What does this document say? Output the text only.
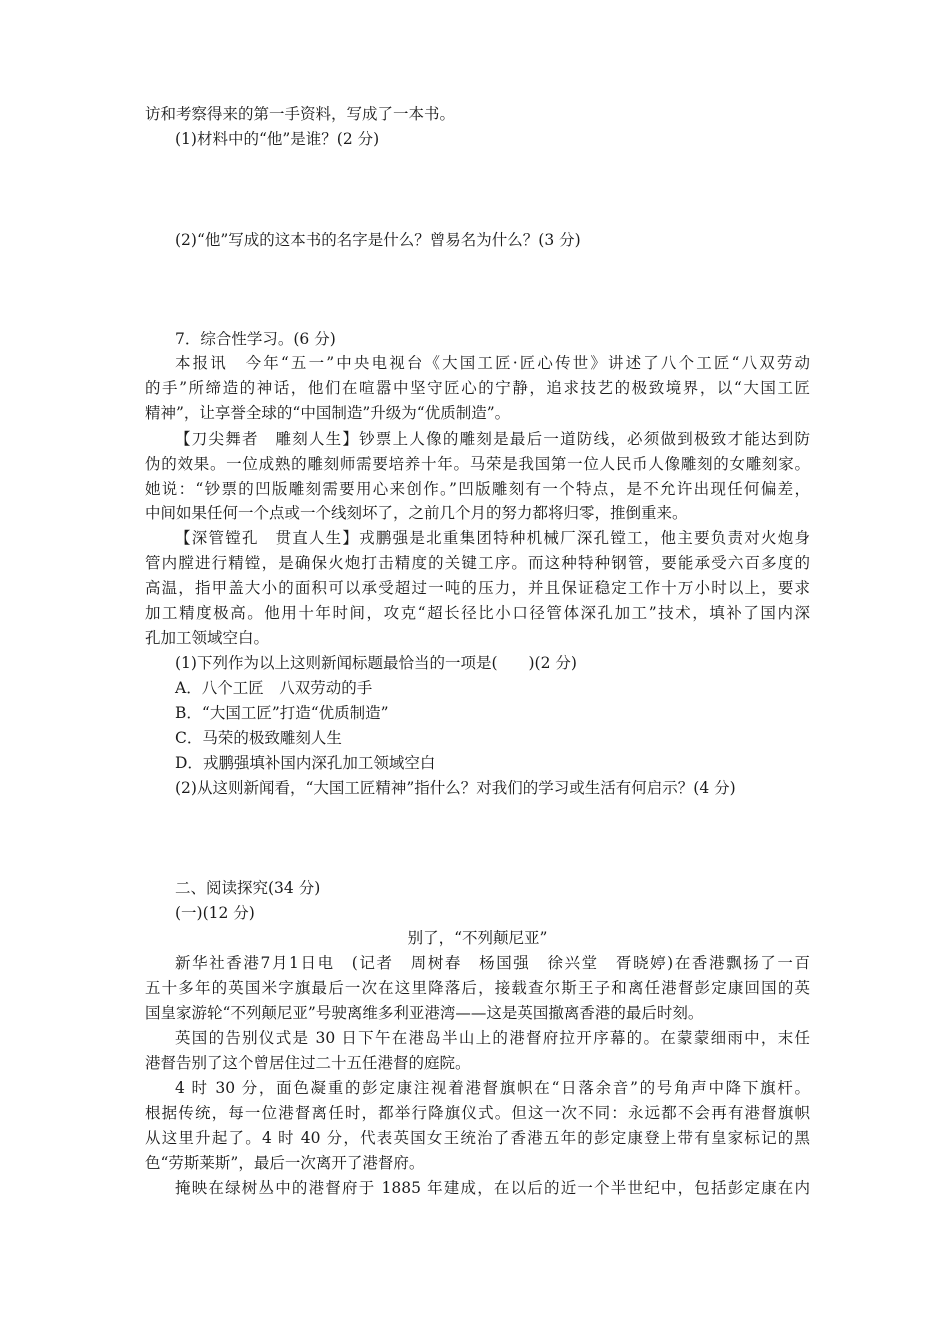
访和考察得来的第一手资料，写成了一本书。
(1)材料中的“他”是谁？(2 分)
(2)“他”写成的这本书的名字是什么？曾易名为什么？(3 分)
7．综合性学习。(6 分)
本报讯　今年“五一”中央电视台《大国工匠·匠心传世》讲述了八个工匠“八双劳动
的手”所缔造的神话，他们在喧嚣中坚守匠心的宁静，追求技艺的极致境界，以“大国工匠
精神”，让享誉全球的“中国制造”升级为“优质制造”。
【刀尖舞者　雕刻人生】钞票上人像的雕刻是最后一道防线，必须做到极致才能达到防
伪的效果。一位成熟的雕刻师需要培养十年。马荣是我国第一位人民币人像雕刻的女雕刻家。
她说：“钞票的凹版雕刻需要用心来创作。”凹版雕刻有一个特点，是不允许出现任何偏差，
中间如果任何一个点或一个线刻坏了，之前几个月的努力都将归零，推倒重来。
【深管镗孔　贯直人生】戎鹏强是北重集团特种机械厂深孔镗工，他主要负责对火炮身
管内膛进行精镗，是确保火炮打击精度的关键工序。而这种特种钢管，要能承受六百多度的
高温，指甲盖大小的面积可以承受超过一吨的压力，并且保证稳定工作十万小时以上，要求
加工精度极高。他用十年时间，攻克“超长径比小口径管体深孔加工”技术，填补了国内深
孔加工领域空白。
(1)下列作为以上这则新闻标题最恰当的一项是(　　)(2 分)
A．八个工匠　八双劳动的手
B．“大国工匠”打造“优质制造”
C．马荣的极致雕刻人生
D．戎鹏强填补国内深孔加工领域空白
(2)从这则新闻看，“大国工匠精神”指什么？对我们的学习或生活有何启示？(4 分)
二、阅读探究(34 分)
(一)(12 分)
别了，“不列颠尼亚”
新华社香港7月1日电　(记者　周树春　杨国强　徐兴堂　胥晓婷)在香港飘扬了一百
五十多年的英国米字旗最后一次在这里降落后，接载查尔斯王子和离任港督彭定康回国的英
国皇家游轮“不列颠尼亚”号驶离维多利亚港湾——这是英国撤离香港的最后时刻。
英国的告别仪式是 30 日下午在港岛半山上的港督府拉开序幕的。在蒙蒙细雨中，末任
港督告别了这个曾居住过二十五任港督的庭院。
4 时 30 分，面色凝重的彭定康注视着港督旗帜在“日落余音”的号角声中降下旗杆。
根据传统，每一位港督离任时，都举行降旗仪式。但这一次不同：永远都不会再有港督旗帜
从这里升起了。4 时 40 分，代表英国女王统治了香港五年的彭定康登上带有皇家标记的黑
色“劳斯莱斯”，最后一次离开了港督府。
掩映在绿树丛中的港督府于 1885 年建成，在以后的近一个半世纪中，包括彭定康在内
